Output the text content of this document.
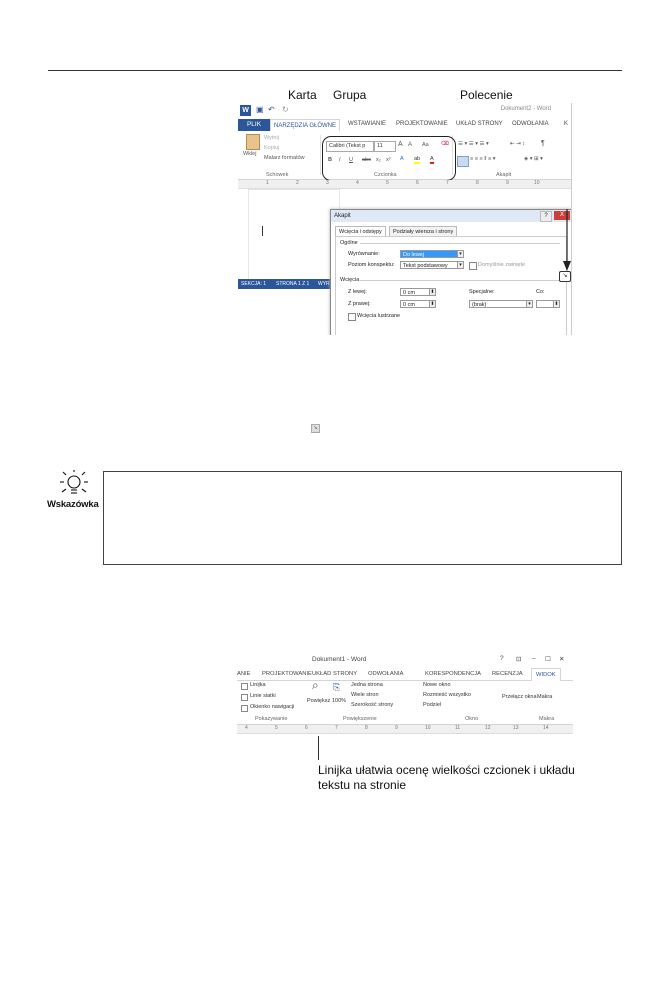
Karta Grupa	Polecenie
W ▣ ↶ ↻	Dokument2 - Word
PLIK	NARZĘDZIA GŁÓWNE	WSTAWIANIE PROJEKTOWANIE UKŁAD STRONY ODWOŁANIA	K
Wklej
Wytnij
Kopiuj
Malarz formatów
Schowek
Calibri (Tekst p	11	A A Aa ⌫
B I U abc x₂ x² A ab A
Czcionka
☰ ▾ ☰ ▾ ☰ ▾	⇤ ⇥ ↕ ¶
≡ ≡ ≡ ‖ ≡ ▾	◈ ▾ ⊞ ▾
Akapit
1	2	3	4	5	6	7	8	9	10
SEKCJA: 1 STRONA 1 Z 1 WYR
Akapit	?	X
Wcięcia i odstępy	Podziały wiersza i strony
Ogólne
Wyrównanie:	Do lewej	▾
Poziom konspektu:	Tekst podstawowy	▾	Domyślnie zwinięte
Wcięcia
Z lewej:	0 cm	⬍
Z prawej:	0 cm	⬍
Specjalne:
(brak)	▾
Co:
⬍
Wcięcia lustrzane
↘
↘
Wskazówka
Dokument1 - Word	? ⊡ – ☐ ✕
ANIE PROJEKTOWANIE UKŁAD STRONY ODWOŁANIA	KORESPONDENCJA RECENZJA	WIDOK
Linijka
Linie siatki
Okienko nawigacji
Pokazywanie
⌕
Powiększ
⎘
100%
Jedna strona
Wiele stron
Szerokość strony
Powiększenie
Nowe okno
Rozmieść wszystko
Podziel
Przełącz okna
Okno
Makra
Makra
4	5	6	7	8	9	10	11	12	13	14
Linijka ułatwia ocenę wielkości czcionek i układu tekstu na stronie
